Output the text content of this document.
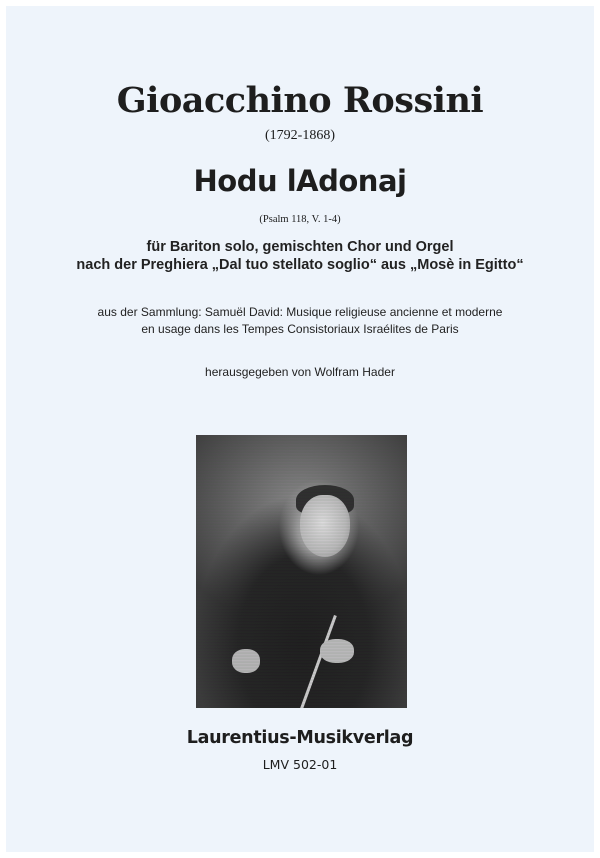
Gioacchino Rossini
(1792-1868)
Hodu lAdonaj
(Psalm 118, V. 1-4)
für Bariton solo, gemischten Chor und Orgel
nach der Preghiera „Dal tuo stellato soglio“ aus „Mosè in Egitto“
aus der Sammlung: Samuël David: Musique religieuse ancienne et moderne
en usage dans les Tempes Consistoriaux Israélites de Paris
herausgegeben von Wolfram Hader
Laurentius-Musikverlag
LMV 502-01
